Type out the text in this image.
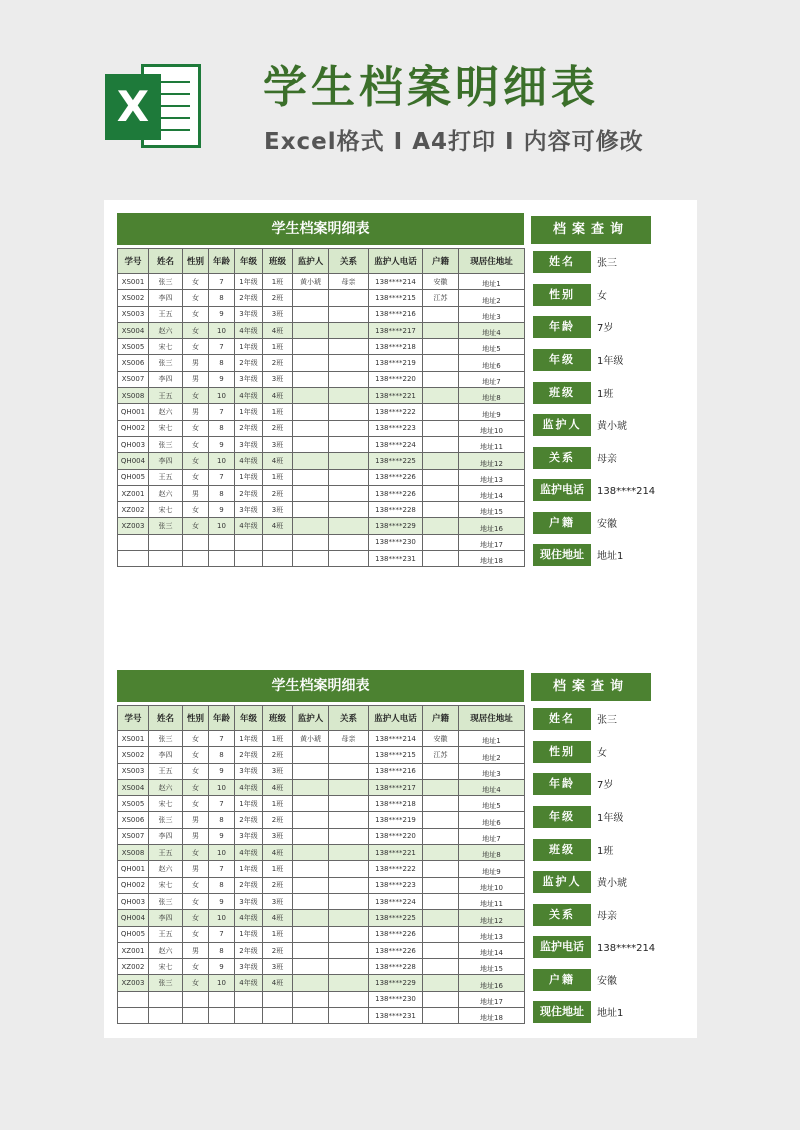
X	学生档案明细表
Excel格式 I A4打印 I 内容可修改
学生档案明细表
学号	姓名	性别	年龄	年级	班级	监护人	关系	监护人电话	户籍	现居住地址
XS001	张三	女	7	1年级	1班	黄小琥	母亲	138****214	安徽	地址1
XS002	李四	女	8	2年级	2班			138****215	江苏	地址2
XS003	王五	女	9	3年级	3班			138****216		地址3
XS004	赵六	女	10	4年级	4班			138****217		地址4
XS005	宋七	女	7	1年级	1班			138****218		地址5
XS006	张三	男	8	2年级	2班			138****219		地址6
XS007	李四	男	9	3年级	3班			138****220		地址7
XS008	王五	女	10	4年级	4班			138****221		地址8
QH001	赵六	男	7	1年级	1班			138****222		地址9
QH002	宋七	女	8	2年级	2班			138****223		地址10
QH003	张三	女	9	3年级	3班			138****224		地址11
QH004	李四	女	10	4年级	4班			138****225		地址12
QH005	王五	女	7	1年级	1班			138****226		地址13
XZ001	赵六	男	8	2年级	2班			138****226		地址14
XZ002	宋七	女	9	3年级	3班			138****228		地址15
XZ003	张三	女	10	4年级	4班			138****229		地址16
								138****230		地址17
								138****231		地址18
档案查询
姓名	张三
性别	女
年龄	7岁
年级	1年级
班级	1班
监护人	黄小琥
关系	母亲
监护电话	138****214
户籍	安徽
现住地址	地址1
学生档案明细表
学号	姓名	性别	年龄	年级	班级	监护人	关系	监护人电话	户籍	现居住地址
XS001	张三	女	7	1年级	1班	黄小琥	母亲	138****214	安徽	地址1
XS002	李四	女	8	2年级	2班			138****215	江苏	地址2
XS003	王五	女	9	3年级	3班			138****216		地址3
XS004	赵六	女	10	4年级	4班			138****217		地址4
XS005	宋七	女	7	1年级	1班			138****218		地址5
XS006	张三	男	8	2年级	2班			138****219		地址6
XS007	李四	男	9	3年级	3班			138****220		地址7
XS008	王五	女	10	4年级	4班			138****221		地址8
QH001	赵六	男	7	1年级	1班			138****222		地址9
QH002	宋七	女	8	2年级	2班			138****223		地址10
QH003	张三	女	9	3年级	3班			138****224		地址11
QH004	李四	女	10	4年级	4班			138****225		地址12
QH005	王五	女	7	1年级	1班			138****226		地址13
XZ001	赵六	男	8	2年级	2班			138****226		地址14
XZ002	宋七	女	9	3年级	3班			138****228		地址15
XZ003	张三	女	10	4年级	4班			138****229		地址16
								138****230		地址17
								138****231		地址18
档案查询
姓名	张三
性别	女
年龄	7岁
年级	1年级
班级	1班
监护人	黄小琥
关系	母亲
监护电话	138****214
户籍	安徽
现住地址	地址1
